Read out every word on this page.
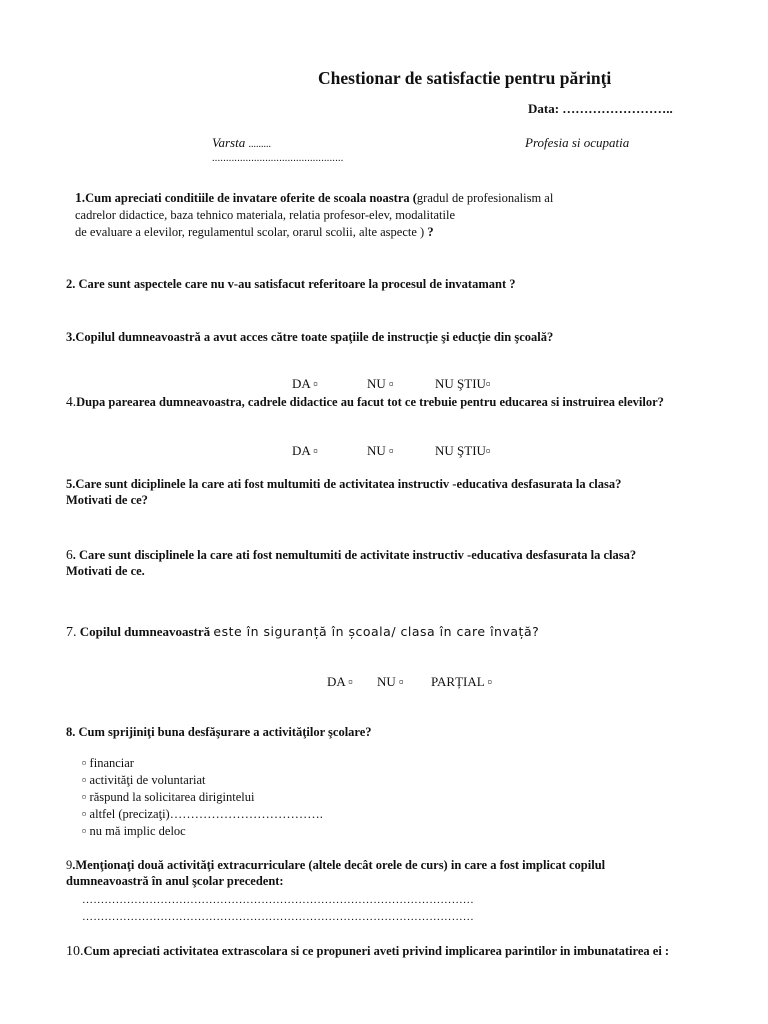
Chestionar de satisfactie pentru părinţi
Data: ……………………..
Varsta .........
...............................................
Profesia si ocupatia
1.Cum apreciati conditiile de invatare oferite de scoala noastra (gradul de profesionalism al
cadrelor didactice, baza tehnico materiala, relatia profesor-elev, modalitatile
de evaluare a elevilor, regulamentul scolar, orarul scolii, alte aspecte ) ?
2. Care sunt aspectele care nu v-au satisfacut referitoare la procesul de invatamant ?
3.Copilul dumneavoastră a avut acces către toate spaţiile de instrucţie şi educţie din şcoală?
DA ▫	NU ▫	NU ŞTIU▫
4.Dupa parearea dumneavoastra, cadrele didactice au facut tot ce trebuie pentru educarea si instruirea elevilor?
DA ▫	NU ▫	NU ŞTIU▫
5.Care sunt diciplinele la care ati fost multumiti de activitatea instructiv -educativa desfasurata la clasa? Motivati de ce?
6. Care sunt disciplinele la care ati fost nemultumiti de activitate instructiv -educativa desfasurata la clasa? Motivati de ce.
7. Copilul dumneavoastră este în siguranță în școala/ clasa în care învață?
DA ▫	NU ▫	PARȚIAL ▫
8. Cum sprijiniţi buna desfăşurare a activităţilor şcolare?
▫ financiar
▫ activităţi de voluntariat
▫ răspund la solicitarea dirigintelui
▫ altfel (precizaţi)……………………………….
▫ nu mă implic deloc
9.Menţionaţi două activităţi extracurriculare (altele decât orele de curs) in care a fost implicat copilul dumneavoastră în anul şcolar precedent:
……………………………………………………………………………………………
……………………………………………………………………………………………
10.Cum apreciati activitatea extrascolara si ce propuneri aveti privind implicarea parintilor in imbunatatirea ei :
